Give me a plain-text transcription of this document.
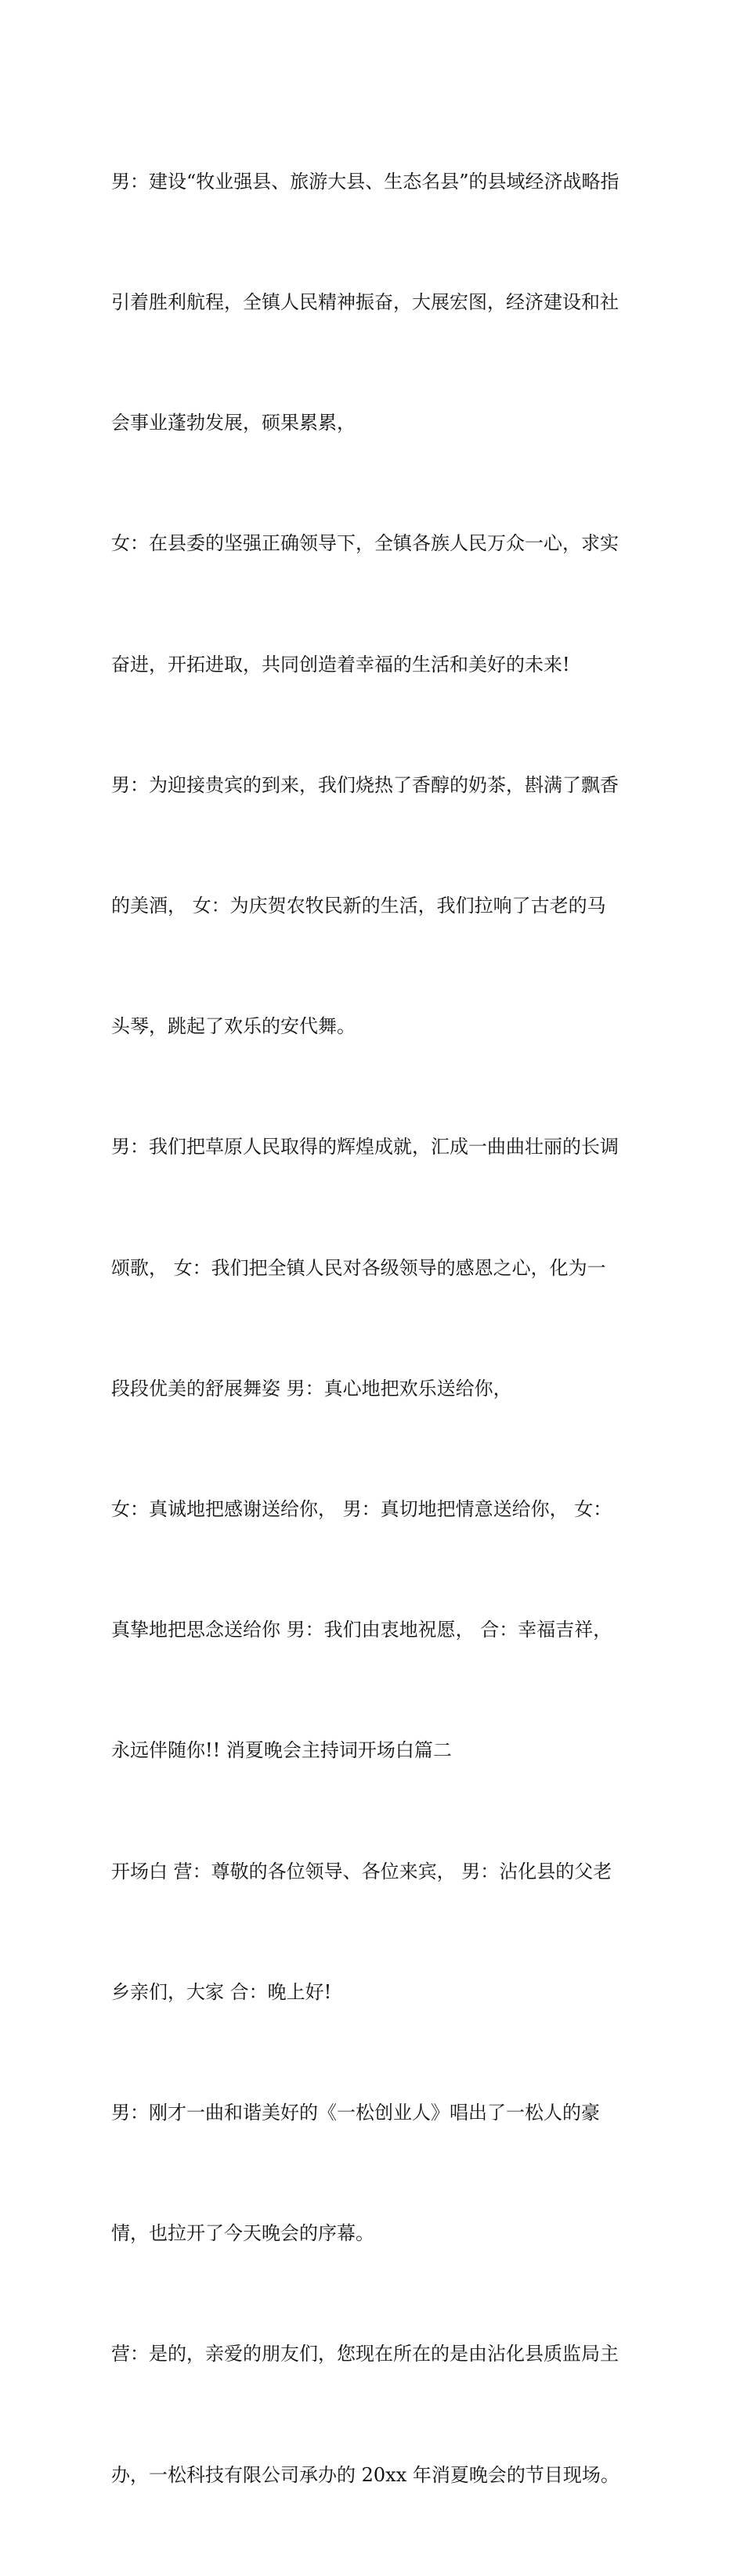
男：建设“牧业强县、旅游大县、生态名县”的县域经济战略指

引着胜利航程，全镇人民精神振奋，大展宏图，经济建设和社

会事业蓬勃发展，硕果累累，

女：在县委的坚强正确领导下，全镇各族人民万众一心，求实

奋进，开拓进取，共同创造着幸福的生活和美好的未来!

男：为迎接贵宾的到来，我们烧热了香醇的奶茶，斟满了飘香

的美酒， 女：为庆贺农牧民新的生活，我们拉响了古老的马

头琴，跳起了欢乐的安代舞。

男：我们把草原人民取得的辉煌成就，汇成一曲曲壮丽的长调

颂歌， 女：我们把全镇人民对各级领导的感恩之心，化为一

段段优美的舒展舞姿 男：真心地把欢乐送给你，

女：真诚地把感谢送给你， 男：真切地把情意送给你， 女：

真挚地把思念送给你 男：我们由衷地祝愿， 合：幸福吉祥，

永远伴随你!! 消夏晚会主持词开场白篇二

开场白 营：尊敬的各位领导、各位来宾， 男：沾化县的父老

乡亲们，大家 合：晚上好!

男：刚才一曲和谐美好的《一松创业人》唱出了一松人的豪

情，也拉开了今天晚会的序幕。

营：是的，亲爱的朋友们，您现在所在的是由沾化县质监局主

办，一松科技有限公司承办的 20xx 年消夏晚会的节目现场。
